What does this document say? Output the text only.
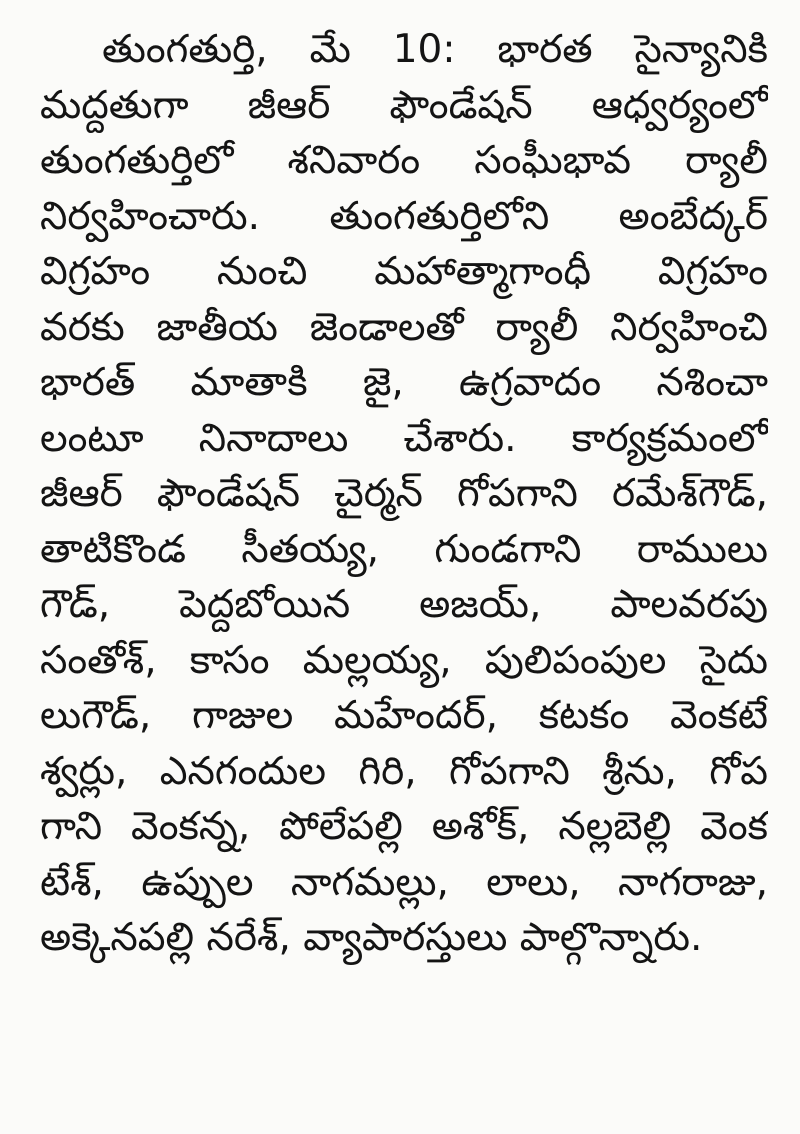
తుంగతుర్తి, మే 10: భారత సైన్యానికి
మద్దతుగా జీఆర్ ఫౌండేషన్ ఆధ్వర్యంలో
తుంగతుర్తిలో శనివారం సంఘీభావ ర్యాలీ
నిర్వహించారు. తుంగతుర్తిలోని అంబేద్కర్
విగ్రహం నుంచి మహాత్మాగాంధీ విగ్రహం
వరకు జాతీయ జెండాలతో ర్యాలీ నిర్వహించి
భారత్ మాతాకి జై, ఉగ్రవాదం నశించా
లంటూ నినాదాలు చేశారు. కార్యక్రమంలో
జీఆర్ ఫౌండేషన్ చైర్మన్ గోపగాని రమేశ్‌గౌడ్,
తాటికొండ సీతయ్య, గుండగాని రాములు
గౌడ్, పెద్దబోయిన అజయ్, పాలవరపు
సంతోశ్, కాసం మల్లయ్య, పులిపంపుల సైదు
లుగౌడ్, గాజుల మహేందర్, కటకం వెంకటే
శ్వర్లు, ఎనగందుల గిరి, గోపగాని శ్రీను, గోప
గాని వెంకన్న, పోలేపల్లి అశోక్, నల్లబెల్లి వెంక
టేశ్, ఉప్పుల నాగమల్లు, లాలు, నాగరాజు,
అక్కెనపల్లి నరేశ్, వ్యాపారస్తులు పాల్గొన్నారు.
